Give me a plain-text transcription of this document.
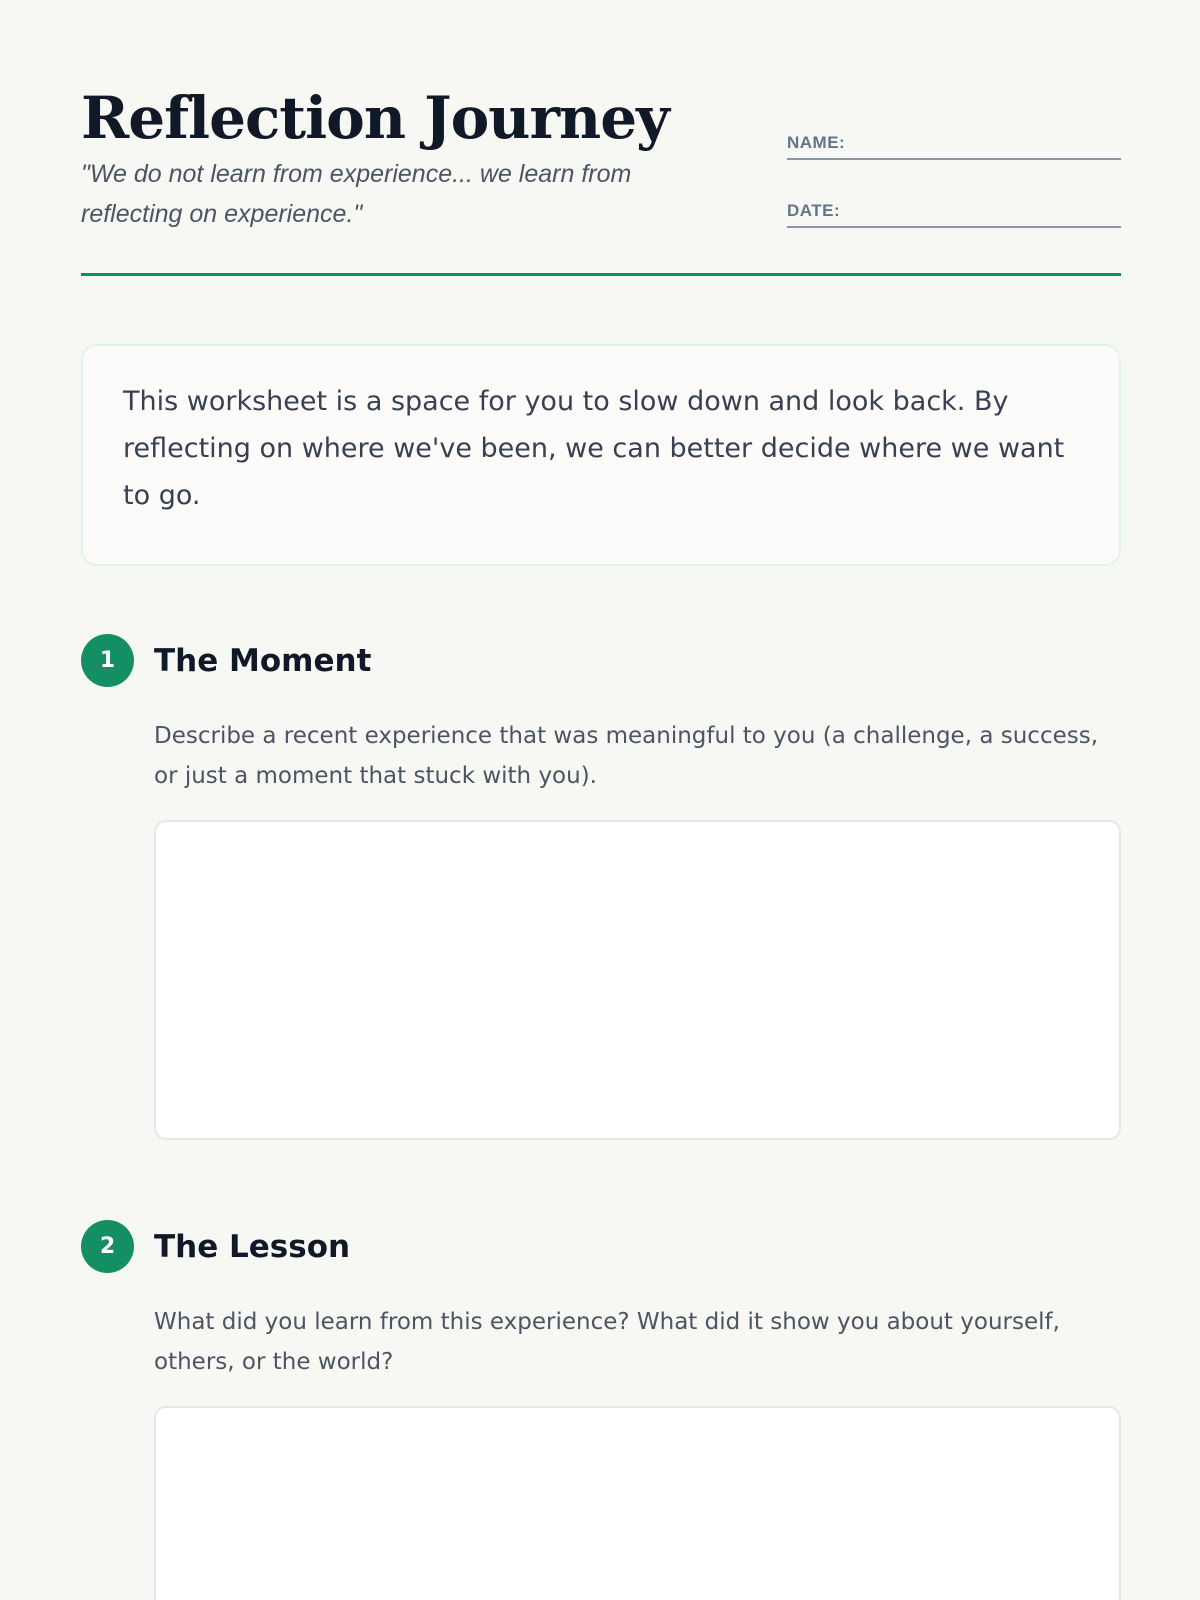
Reflection Journey
"We do not learn from experience... we learn from reflecting on experience."
NAME:
DATE:

This worksheet is a space for you to slow down and look back. By reflecting on where we've been, we can better decide where we want to go.

1	The Moment

Describe a recent experience that was meaningful to you (a challenge, a success, or just a moment that stuck with you).

2	The Lesson

What did you learn from this experience? What did it show you about yourself, others, or the world?
